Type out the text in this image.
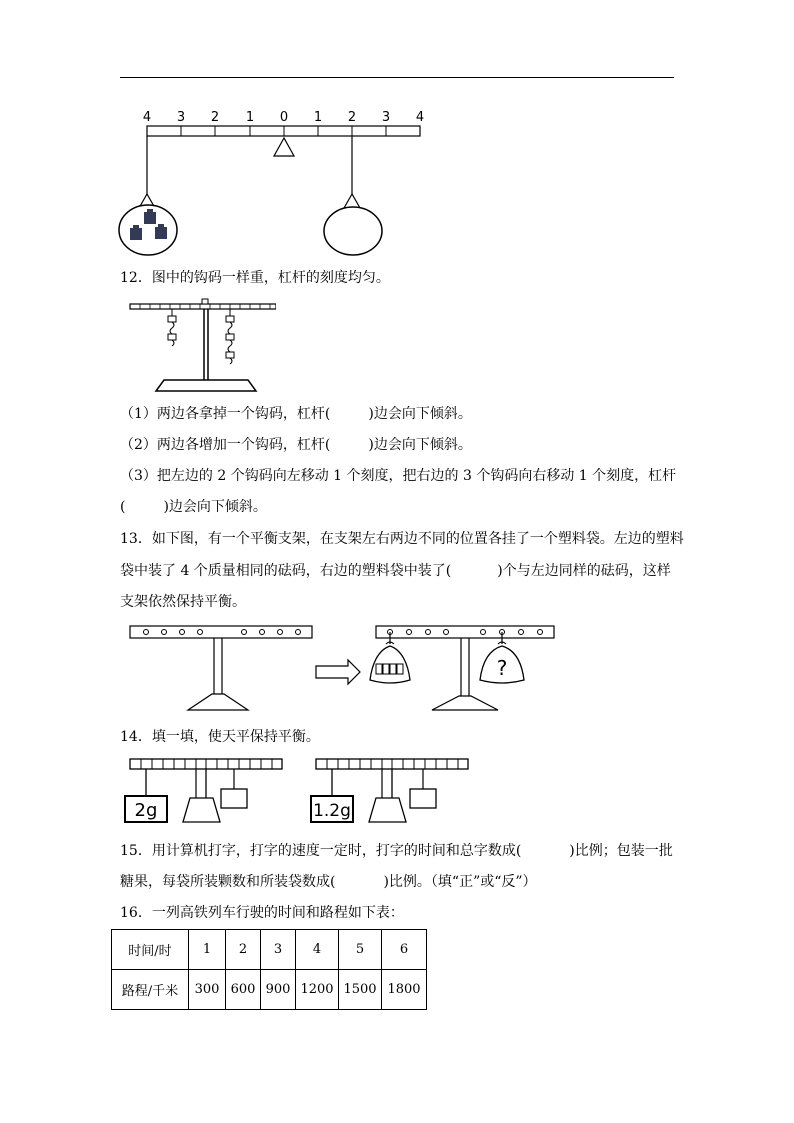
4 3 2 1 0 1 2 3 4
12．图中的钩码一样重，杠杆的刻度均匀。
（1）两边各拿掉一个钩码，杠杆(	)边会向下倾斜。
（2）两边各增加一个钩码，杠杆(	)边会向下倾斜。
（3）把左边的 2 个钩码向左移动 1 个刻度，把右边的 3 个钩码向右移动 1 个刻度，杠杆
(	)边会向下倾斜。
13．如下图，有一个平衡支架，在支架左右两边不同的位置各挂了一个塑料袋。左边的塑料
袋中装了 4 个质量相同的砝码，右边的塑料袋中装了(	)个与左边同样的砝码，这样
支架依然保持平衡。
?
14．填一填，使天平保持平衡。
2g	1.2g
15．用计算机打字，打字的速度一定时，打字的时间和总字数成(	)比例；包装一批
糖果，每袋所装颗数和所装袋数成(	)比例。（填“正”或“反”）
16．一列高铁列车行驶的时间和路程如下表：
时间/时	1	2	3	4	5	6
路程/千米	300	600	900	1200	1500	1800
